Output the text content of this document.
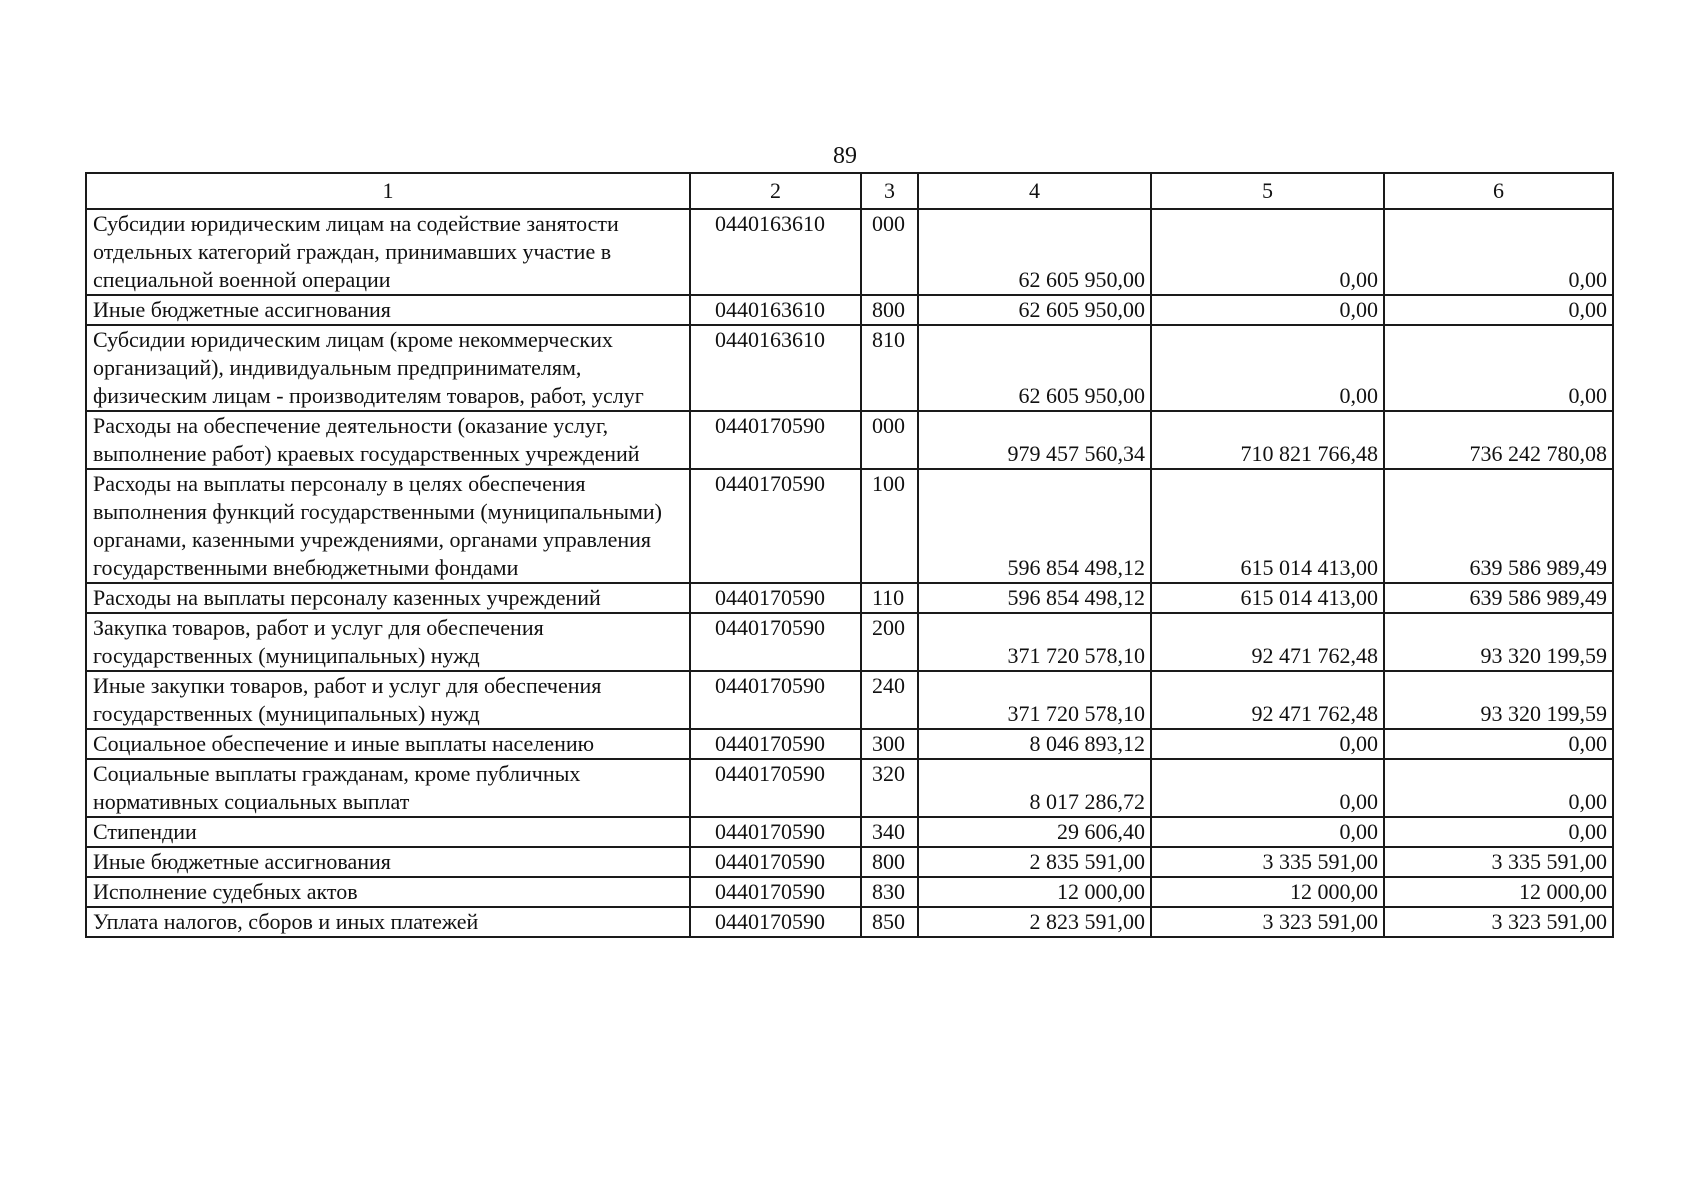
89
1	2	3	4	5	6
Субсидии юридическим лицам на содействие занятости отдельных категорий граждан, принимавших участие в специальной военной операции	0440163610	000	62 605 950,00	0,00	0,00
Иные бюджетные ассигнования	0440163610	800	62 605 950,00	0,00	0,00
Субсидии юридическим лицам (кроме некоммерческих организаций), индивидуальным предпринимателям, физическим лицам - производителям товаров, работ, услуг	0440163610	810	62 605 950,00	0,00	0,00
Расходы на обеспечение деятельности (оказание услуг, выполнение работ) краевых государственных учреждений	0440170590	000	979 457 560,34	710 821 766,48	736 242 780,08
Расходы на выплаты персоналу в целях обеспечения выполнения функций государственными (муниципальными) органами, казенными учреждениями, органами управления государственными внебюджетными фондами	0440170590	100	596 854 498,12	615 014 413,00	639 586 989,49
Расходы на выплаты персоналу казенных учреждений	0440170590	110	596 854 498,12	615 014 413,00	639 586 989,49
Закупка товаров, работ и услуг для обеспечения государственных (муниципальных) нужд	0440170590	200	371 720 578,10	92 471 762,48	93 320 199,59
Иные закупки товаров, работ и услуг для обеспечения государственных (муниципальных) нужд	0440170590	240	371 720 578,10	92 471 762,48	93 320 199,59
Социальное обеспечение и иные выплаты населению	0440170590	300	8 046 893,12	0,00	0,00
Социальные выплаты гражданам, кроме публичных нормативных социальных выплат	0440170590	320	8 017 286,72	0,00	0,00
Стипендии	0440170590	340	29 606,40	0,00	0,00
Иные бюджетные ассигнования	0440170590	800	2 835 591,00	3 335 591,00	3 335 591,00
Исполнение судебных актов	0440170590	830	12 000,00	12 000,00	12 000,00
Уплата налогов, сборов и иных платежей	0440170590	850	2 823 591,00	3 323 591,00	3 323 591,00
